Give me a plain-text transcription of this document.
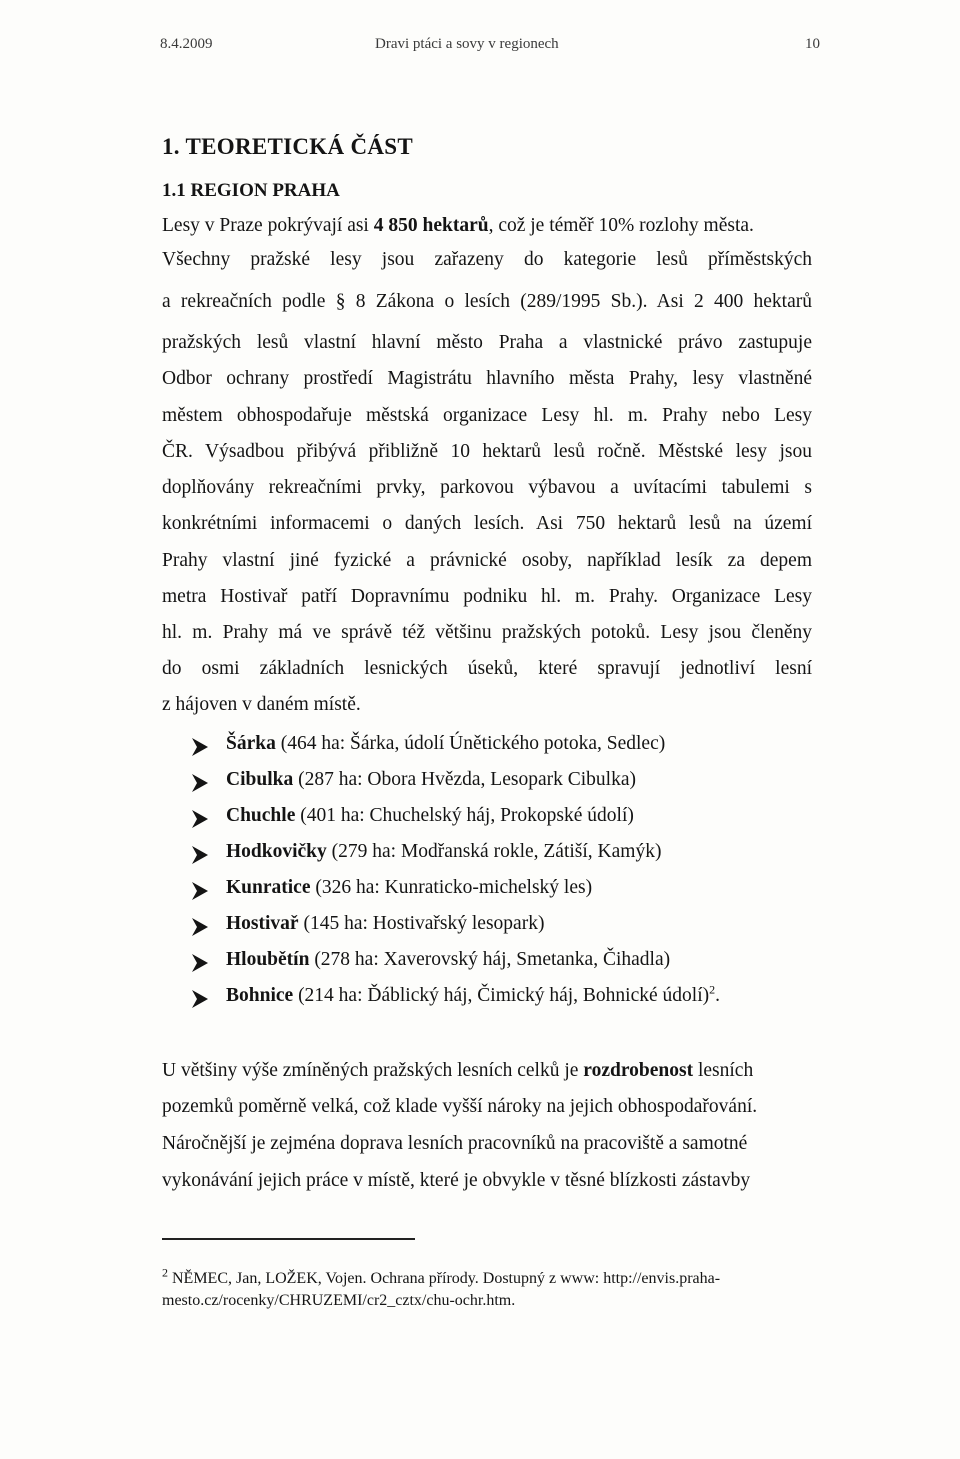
8.4.2009	Dravi ptáci a sovy v regionech	10
1. TEORETICKÁ ČÁST
1.1 REGION PRAHA
Lesy v Praze pokrývají asi 4 850 hektarů, což je téměř 10% rozlohy města.
Všechny pražské lesy jsou zařazeny do kategorie lesů příměstských
a rekreačních podle § 8 Zákona o lesích (289/1995 Sb.). Asi 2 400 hektarů
pražských lesů vlastní hlavní město Praha a vlastnické právo zastupuje
Odbor ochrany prostředí Magistrátu hlavního města Prahy, lesy vlastněné
městem obhospodařuje městská organizace Lesy hl. m. Prahy nebo Lesy
ČR. Výsadbou přibývá přibližně 10 hektarů lesů ročně. Městské lesy jsou
doplňovány rekreačními prvky, parkovou výbavou a uvítacími tabulemi s
konkrétními informacemi o daných lesích. Asi 750 hektarů lesů na území
Prahy vlastní jiné fyzické a právnické osoby, například lesík za depem
metra Hostivař patří Dopravnímu podniku hl. m. Prahy. Organizace Lesy
hl. m. Prahy má ve správě též většinu pražských potoků. Lesy jsou členěny
do osmi základních lesnických úseků, které spravují jednotliví lesní
z hájoven v daném místě.
Šárka (464 ha: Šárka, údolí Únětického potoka, Sedlec)
Cibulka (287 ha: Obora Hvězda, Lesopark Cibulka)
Chuchle (401 ha: Chuchelský háj, Prokopské údolí)
Hodkovičky (279 ha: Modřanská rokle, Zátiší, Kamýk)
Kunratice (326 ha: Kunraticko-michelský les)
Hostivař (145 ha: Hostivařský lesopark)
Hloubětín (278 ha: Xaverovský háj, Smetanka, Čihadla)
Bohnice (214 ha: Ďáblický háj, Čimický háj, Bohnické údolí)$^2$.
U většiny výše zmíněných pražských lesních celků je rozdrobenost lesních
pozemků poměrně velká, což klade vyšší nároky na jejich obhospodařování.
Náročnější je zejména doprava lesních pracovníků na pracoviště a samotné
vykonávání jejich práce v místě, které je obvykle v těsné blízkosti zástavby
$^2$ NĚMEC, Jan, LOŽEK, Vojen. Ochrana přírody. Dostupný z www: http://envis.praha-
mesto.cz/rocenky/CHRUZEMI/cr2_cztx/chu-ochr.htm.
